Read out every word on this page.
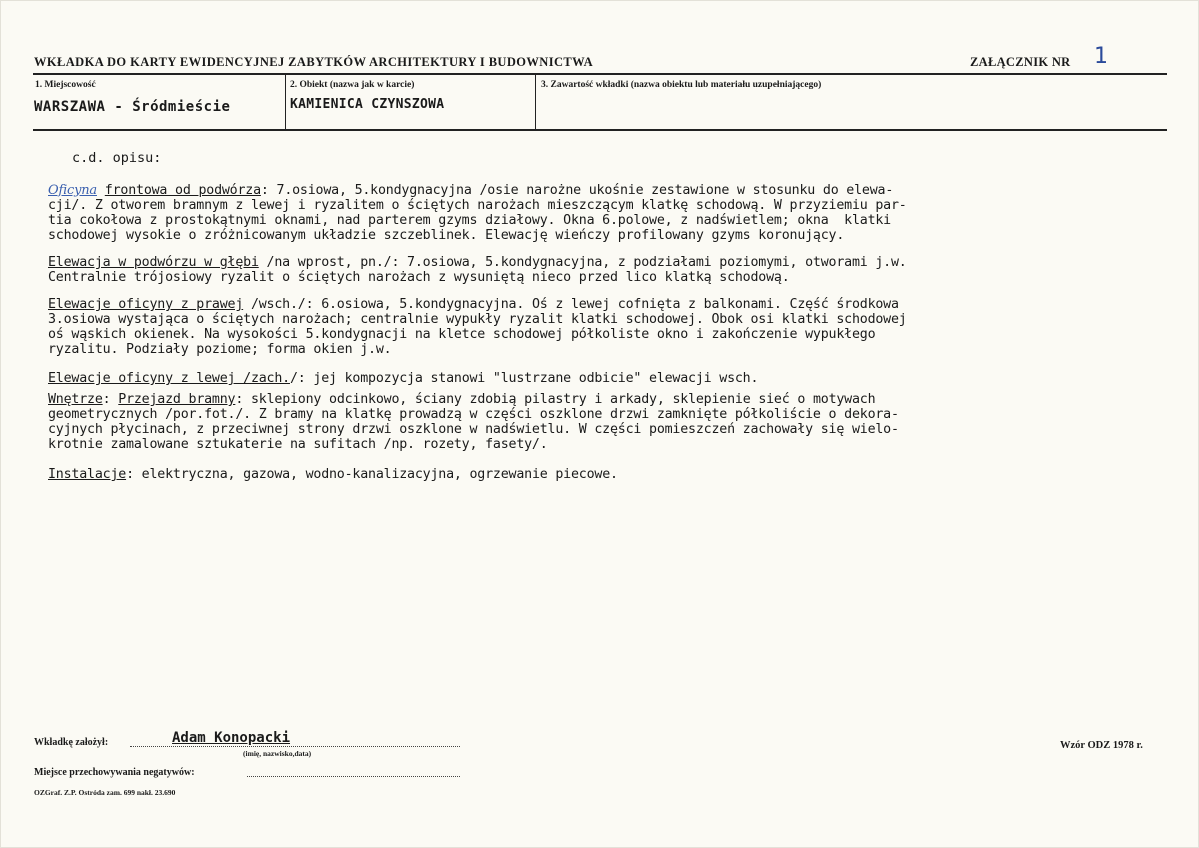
WKŁADKA DO KARTY EWIDENCYJNEJ ZABYTKÓW ARCHITEKTURY I BUDOWNICTWA	ZAŁĄCZNIK NR 1
1. Miejscowość
WARSZAWA - Śródmieście
2. Obiekt (nazwa jak w karcie)
KAMIENICA CZYNSZOWA
3. Zawartość wkładki (nazwa obiektu lub materiału uzupełniającego)
c.d. opisu:
Oficyna frontowa od podwórza: 7.osiowa, 5.kondygnacyjna /osie narożne ukośnie zestawione w stosunku do elewa-
cji/. Z otworem bramnym z lewej i ryzalitem o ściętych narożach mieszczącym klatkę schodową. W przyziemiu par-
tia cokołowa z prostokątnymi oknami, nad parterem gzyms działowy. Okna 6.polowe, z nadświetlem; okna  klatki
schodowej wysokie o zróżnicowanym układzie szczeblinek. Elewację wieńczy profilowany gzyms koronujący.
Elewacja w podwórzu w głębi /na wprost, pn./: 7.osiowa, 5.kondygnacyjna, z podziałami poziomymi, otworami j.w.
Centralnie trójosiowy ryzalit o ściętych narożach z wysuniętą nieco przed lico klatką schodową.
Elewacje oficyny z prawej /wsch./: 6.osiowa, 5.kondygnacyjna. Oś z lewej cofnięta z balkonami. Część środkowa
3.osiowa wystająca o ściętych narożach; centralnie wypukły ryzalit klatki schodowej. Obok osi klatki schodowej
oś wąskich okienek. Na wysokości 5.kondygnacji na kletce schodowej półkoliste okno i zakończenie wypukłego
ryzalitu. Podziały poziome; forma okien j.w.
Elewacje oficyny z lewej /zach./: jej kompozycja stanowi "lustrzane odbicie" elewacji wsch.
Wnętrze: Przejazd bramny: sklepiony odcinkowo, ściany zdobią pilastry i arkady, sklepienie sieć o motywach
geometrycznych /por.fot./. Z bramy na klatkę prowadzą w części oszklone drzwi zamknięte półkoliście o dekora-
cyjnych płycinach, z przeciwnej strony drzwi oszklone w nadświetlu. W części pomieszczeń zachowały się wielo-
krotnie zamalowane sztukaterie na sufitach /np. rozety, fasety/.
Instalacje: elektryczna, gazowa, wodno-kanalizacyjna, ogrzewanie piecowe.
Wkładkę założył:	Adam Konopacki
(imię, nazwisko,data)
Miejsce przechowywania negatywów:
Wzór ODZ 1978 r.
OZGraf. Z.P. Ostróda zam. 699 nakł. 23.690
